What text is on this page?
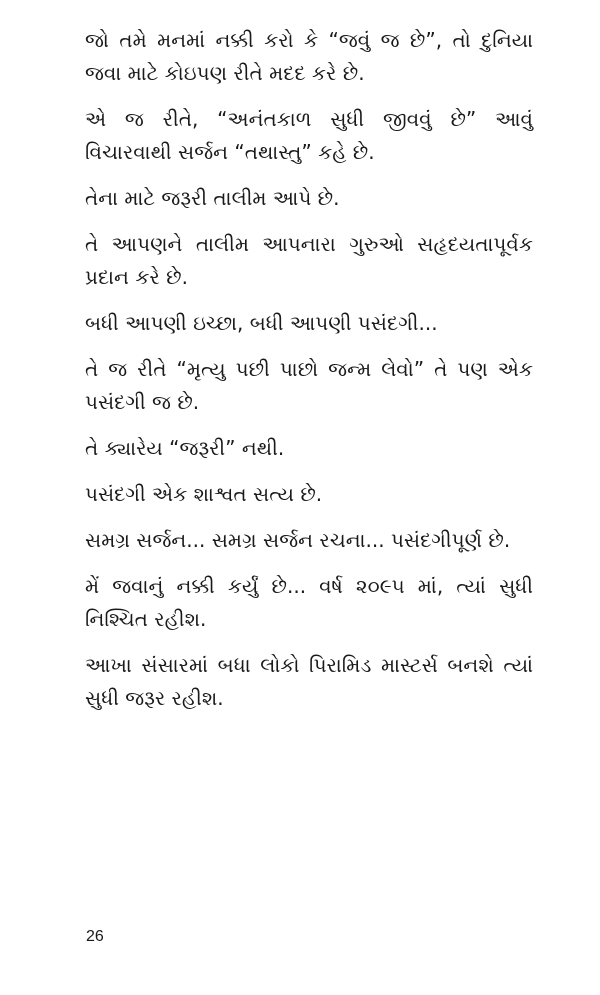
જો તમે મનમાં નક્કી કરો કે “જવું જ છે”, તો દુનિયા જવા માટે કોઇપણ રીતે મદદ કરે છે.

એ જ રીતે, “અનંતકાળ સુધી જીવવું છે” આવું વિચારવાથી સર્જન “તથાસ્તુ” કહે છે.

તેના માટે જરૂરી તાલીમ આપે છે.

તે આપણને તાલીમ આપનારા ગુરુઓ સહૃદયતાપૂર્વક પ્રદાન કરે છે.

બધી આપણી ઇચ્છા, બધી આપણી પસંદગી...

તે જ રીતે “મૃત્યુ પછી પાછો જન્મ લેવો” તે પણ એક પસંદગી જ છે.

તે ક્યારેય “જરૂરી” નથી.

પસંદગી એક શાશ્વત સત્ય છે.

સમગ્ર સર્જન... સમગ્ર સર્જન રચના... પસંદગીપૂર્ણ છે.

મેં જવાનું નક્કી કર્યું છે... વર્ષ ૨૦૯૫ માં, ત્યાં સુધી નિશ્ચિત રહીશ.

આખા સંસારમાં બધા લોકો પિરામિડ માસ્ટર્સ બનશે ત્યાં સુધી જરૂર રહીશ.

26
